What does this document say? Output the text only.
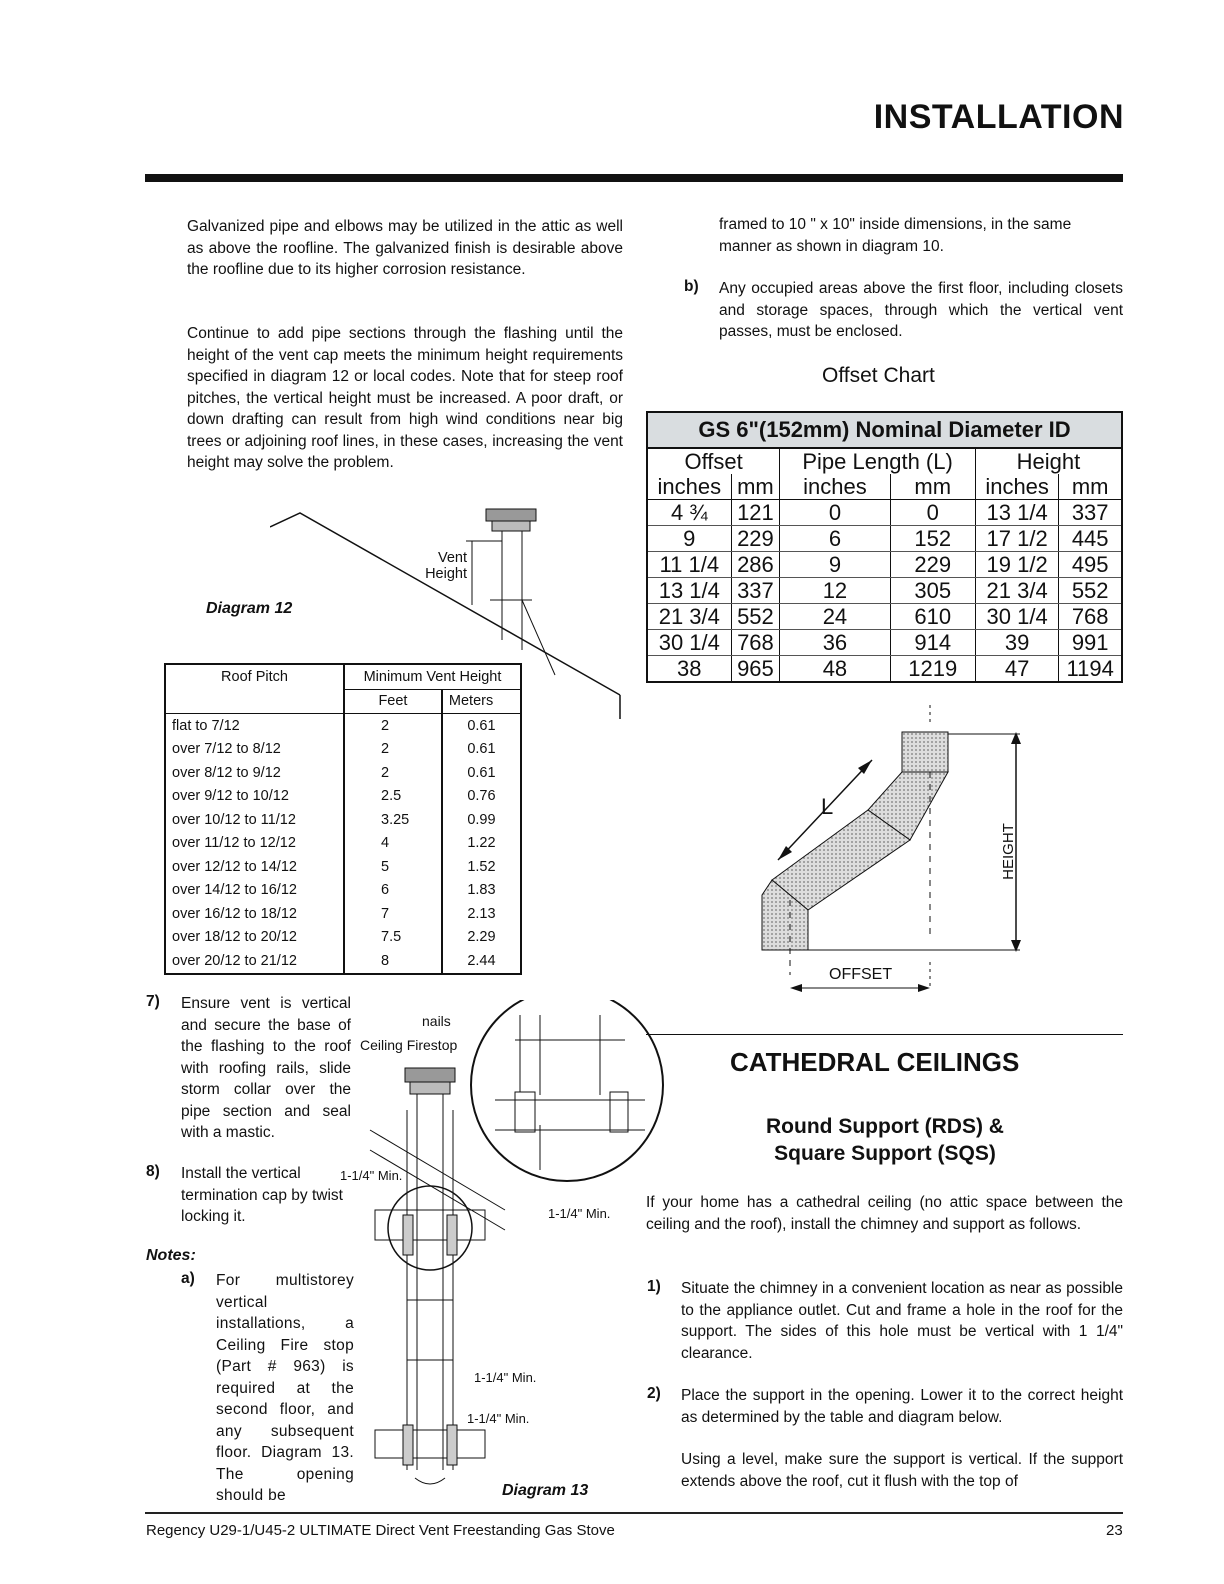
INSTALLATION
Galvanized pipe and elbows may be utilized in the attic as well as above the roofline. The galvanized finish is desirable above the roofline due to its higher corrosion resistance.
Continue to add pipe sections through the flashing until the height of the vent cap meets the minimum height requirements specified in diagram 12 or local codes. Note that for steep roof pitches, the vertical height must be increased. A poor draft, or down drafting can result from high wind conditions near big trees or adjoining roof lines, in these cases, increasing the vent height may solve the problem.
Vent
Height
Diagram 12
Roof Pitch	Minimum Vent Height	
	Feet	Meters
flat to 7/12	2	0.61
over 7/12 to 8/12	2	0.61
over 8/12 to 9/12	2	0.61
over 9/12 to 10/12	2.5	0.76
over 10/12 to 11/12	3.25	0.99
over 11/12 to 12/12	4	1.22
over 12/12 to 14/12	5	1.52
over 14/12 to 16/12	6	1.83
over 16/12 to 18/12	7	2.13
over 18/12 to 20/12	7.5	2.29
over 20/12 to 21/12	8	2.44
7) Ensure vent is vertical and secure the base of the flashing to the roof with roofing rails, slide storm collar over the pipe section and seal with a mastic.
8) Install the vertical termination cap by twist locking it.
Notes:
a) For multistorey vertical installations, a Ceiling Fire stop (Part # 963) is required at the second floor, and any subsequent floor. Diagram 13. The opening should be
nails
Ceiling Firestop
1-1/4" Min.
1-1/4" Min.
1-1/4" Min.
1-1/4" Min.
Diagram 13
framed to 10 " x 10" inside dimensions, in the same manner as shown in diagram 10.
b) Any occupied areas above the first floor, including closets and storage spaces, through which the vertical vent passes, must be enclosed.
Offset Chart
GS 6"(152mm) Nominal Diameter ID					
Offset		Pipe Length (L)		Height	
inches	mm	inches	mm	inches	mm
4 ¾	121	0	0	13 1/4	337
9	229	6	152	17 1/2	445
11 1/4	286	9	229	19 1/2	495
13 1/4	337	12	305	21 3/4	552
21 3/4	552	24	610	30 1/4	768
30 1/4	768	36	914	39	991
38	965	48	1219	47	1194
L
HEIGHT
OFFSET
CATHEDRAL CEILINGS
Round Support (RDS) &
Square Support (SQS)
If your home has a cathedral ceiling (no attic space between the ceiling and the roof), install the chimney and support as follows.
1) Situate the chimney in a convenient location as near as possible to the appliance outlet. Cut and frame a hole in the roof for the support. The sides of this hole must be vertical with 1 1/4" clearance.
2) Place the support in the opening. Lower it to the correct height as determined by the table and diagram below.
Using a level, make sure the support is vertical. If the support extends above the roof, cut it flush with the top of
Regency U29-1/U45-2 ULTIMATE Direct Vent Freestanding Gas Stove	23
